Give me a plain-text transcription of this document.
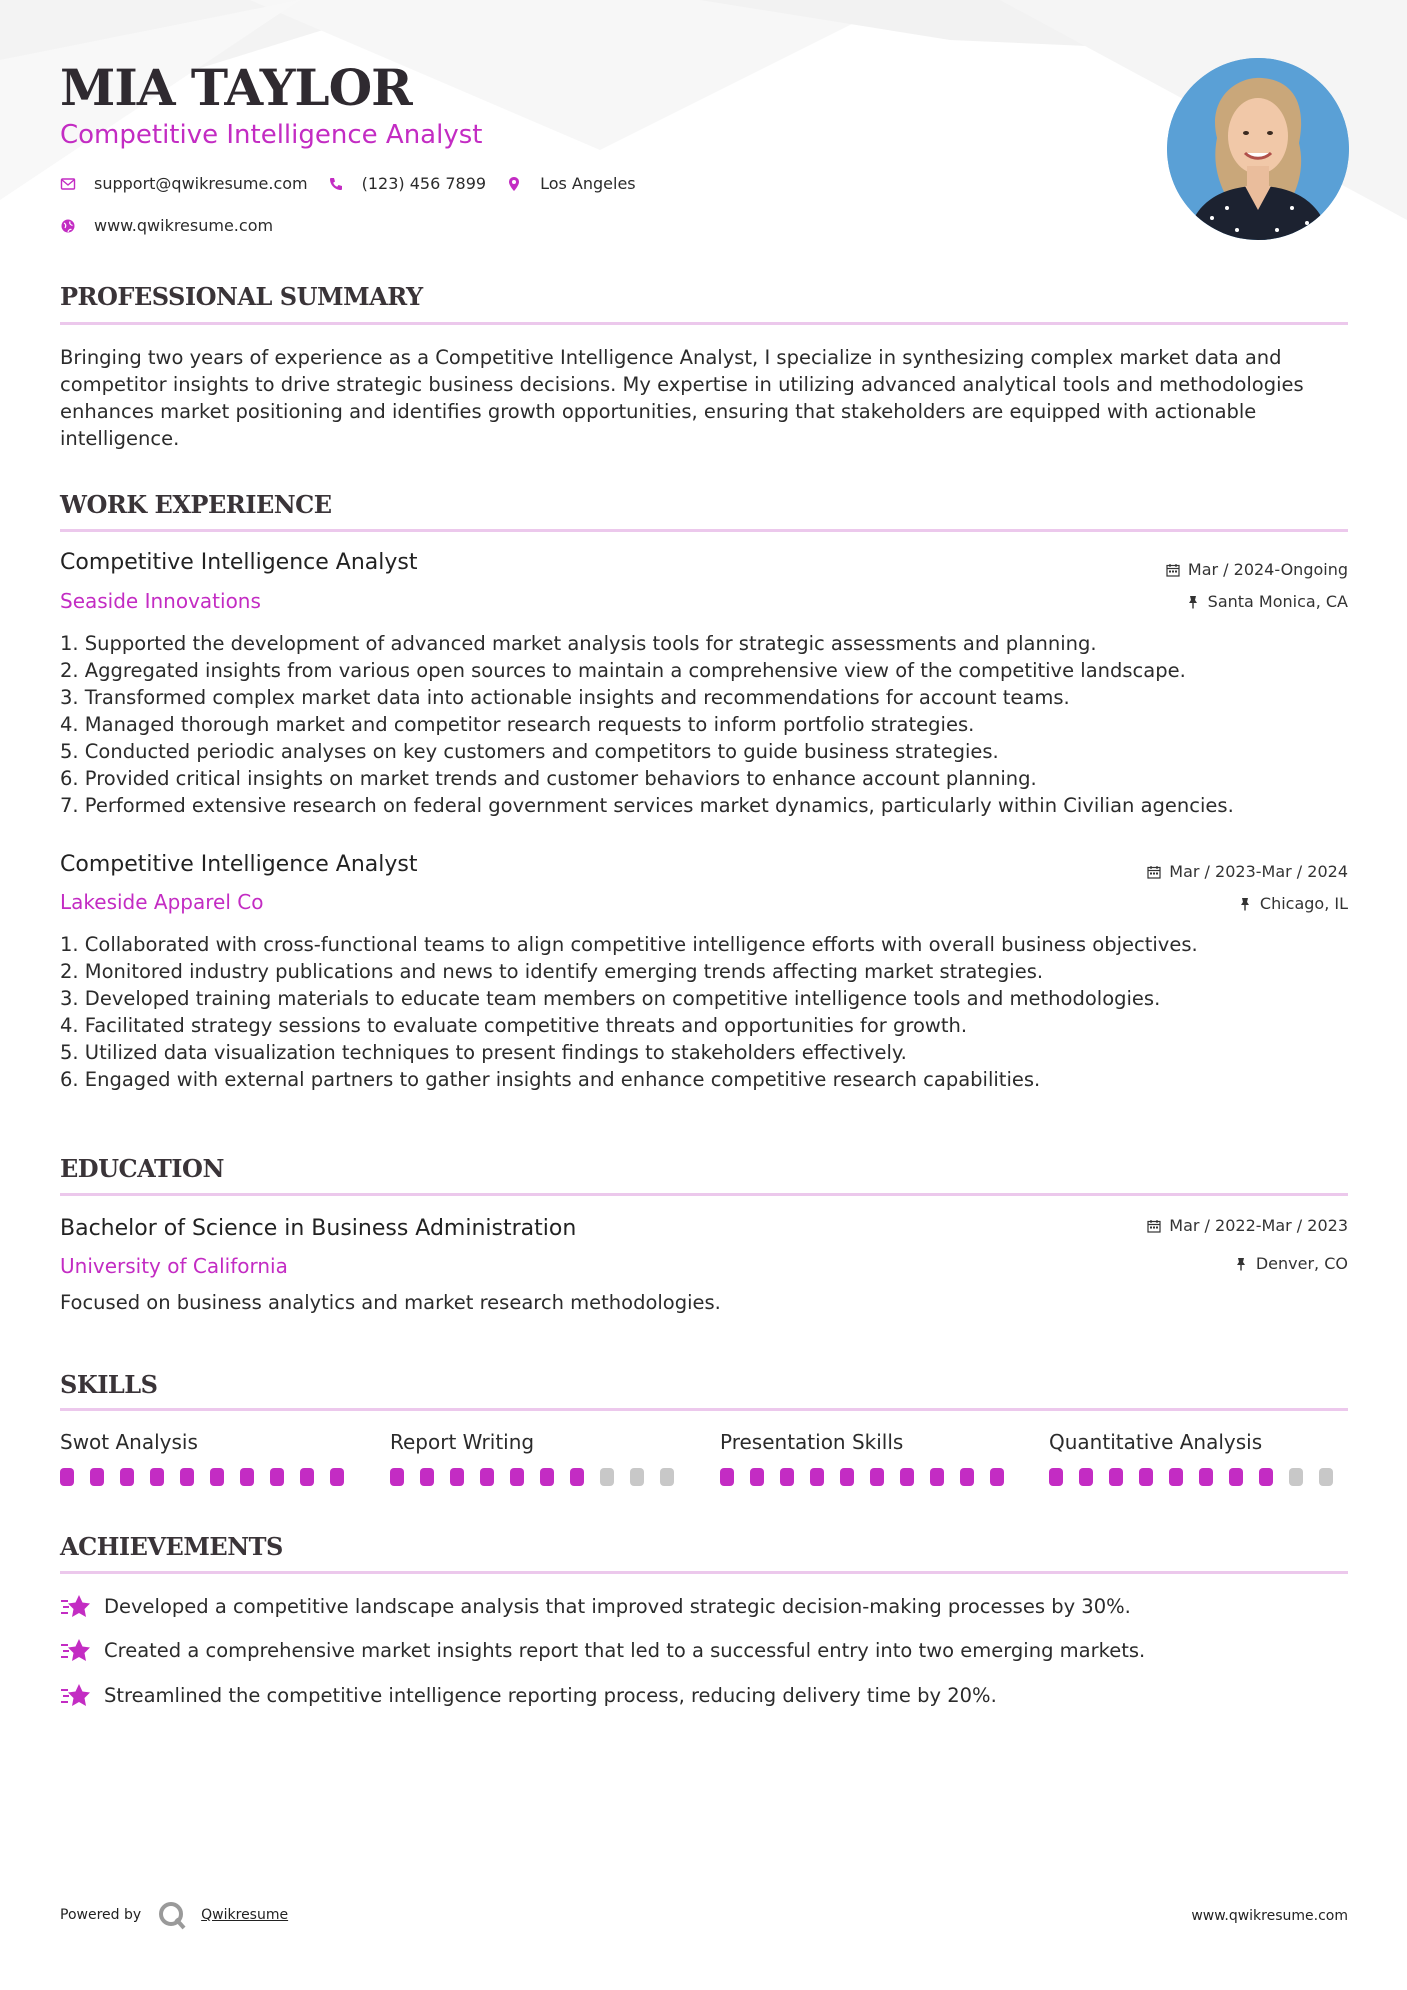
MIA TAYLOR
Competitive Intelligence Analyst
support@qwikresume.com	(123) 456 7899	Los Angeles
www.qwikresume.com
PROFESSIONAL SUMMARY
Bringing two years of experience as a Competitive Intelligence Analyst, I specialize in synthesizing complex market data and competitor insights to drive strategic business decisions. My expertise in utilizing advanced analytical tools and methodologies enhances market positioning and identifies growth opportunities, ensuring that stakeholders are equipped with actionable intelligence.
WORK EXPERIENCE
Competitive Intelligence Analyst	Mar / 2024-Ongoing
Seaside Innovations	Santa Monica, CA
1. Supported the development of advanced market analysis tools for strategic assessments and planning.
2. Aggregated insights from various open sources to maintain a comprehensive view of the competitive landscape.
3. Transformed complex market data into actionable insights and recommendations for account teams.
4. Managed thorough market and competitor research requests to inform portfolio strategies.
5. Conducted periodic analyses on key customers and competitors to guide business strategies.
6. Provided critical insights on market trends and customer behaviors to enhance account planning.
7. Performed extensive research on federal government services market dynamics, particularly within Civilian agencies.
Competitive Intelligence Analyst	Mar / 2023-Mar / 2024
Lakeside Apparel Co	Chicago, IL
1. Collaborated with cross-functional teams to align competitive intelligence efforts with overall business objectives.
2. Monitored industry publications and news to identify emerging trends affecting market strategies.
3. Developed training materials to educate team members on competitive intelligence tools and methodologies.
4. Facilitated strategy sessions to evaluate competitive threats and opportunities for growth.
5. Utilized data visualization techniques to present findings to stakeholders effectively.
6. Engaged with external partners to gather insights and enhance competitive research capabilities.
EDUCATION
Bachelor of Science in Business Administration	Mar / 2022-Mar / 2023
University of California	Denver, CO
Focused on business analytics and market research methodologies.
SKILLS
Swot Analysis	Report Writing	Presentation Skills	Quantitative Analysis
ACHIEVEMENTS
Developed a competitive landscape analysis that improved strategic decision-making processes by 30%.
Created a comprehensive market insights report that led to a successful entry into two emerging markets.
Streamlined the competitive intelligence reporting process, reducing delivery time by 20%.
Powered by	Qwikresume	www.qwikresume.com
